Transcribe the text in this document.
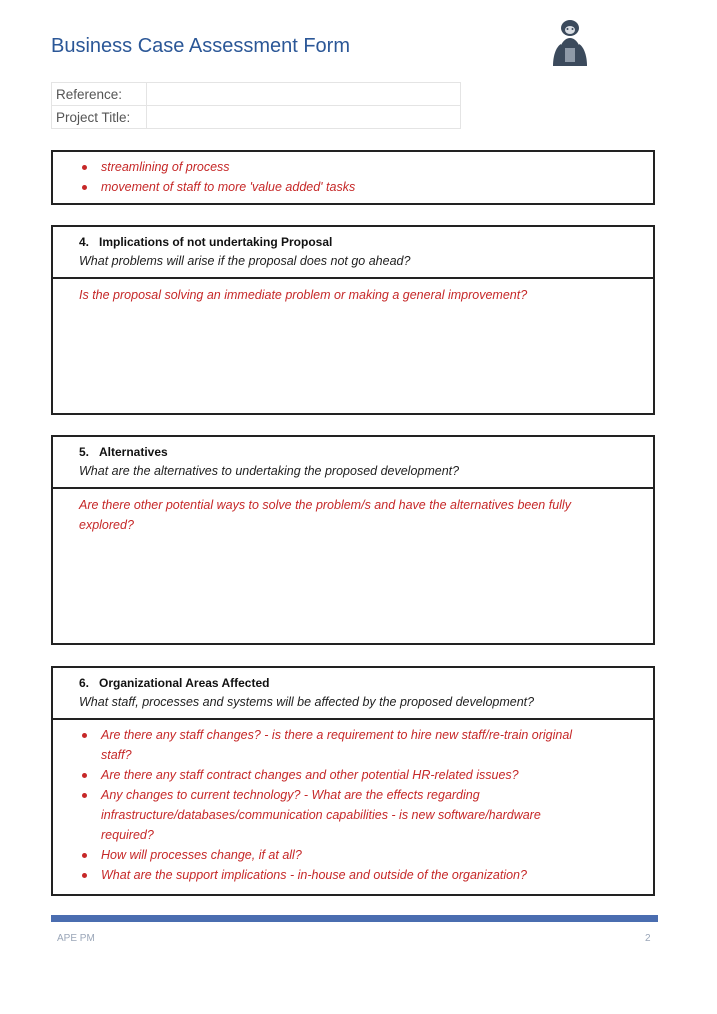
Business Case Assessment Form
Reference:	
Project Title:	
streamlining of process
movement of staff to more 'value added' tasks
4. Implications of not undertaking Proposal
What problems will arise if the proposal does not go ahead?
Is the proposal solving an immediate problem or making a general improvement?
5. Alternatives
What are the alternatives to undertaking the proposed development?
Are there other potential ways to solve the problem/s and have the alternatives been fully explored?
6. Organizational Areas Affected
What staff, processes and systems will be affected by the proposed development?
Are there any staff changes? - is there a requirement to hire new staff/re-train original staff?
Are there any staff contract changes and other potential HR-related issues?
Any changes to current technology? - What are the effects regarding infrastructure/databases/communication capabilities - is new software/hardware required?
How will processes change, if at all?
What are the support implications - in-house and outside of the organization?
APE PM	2
